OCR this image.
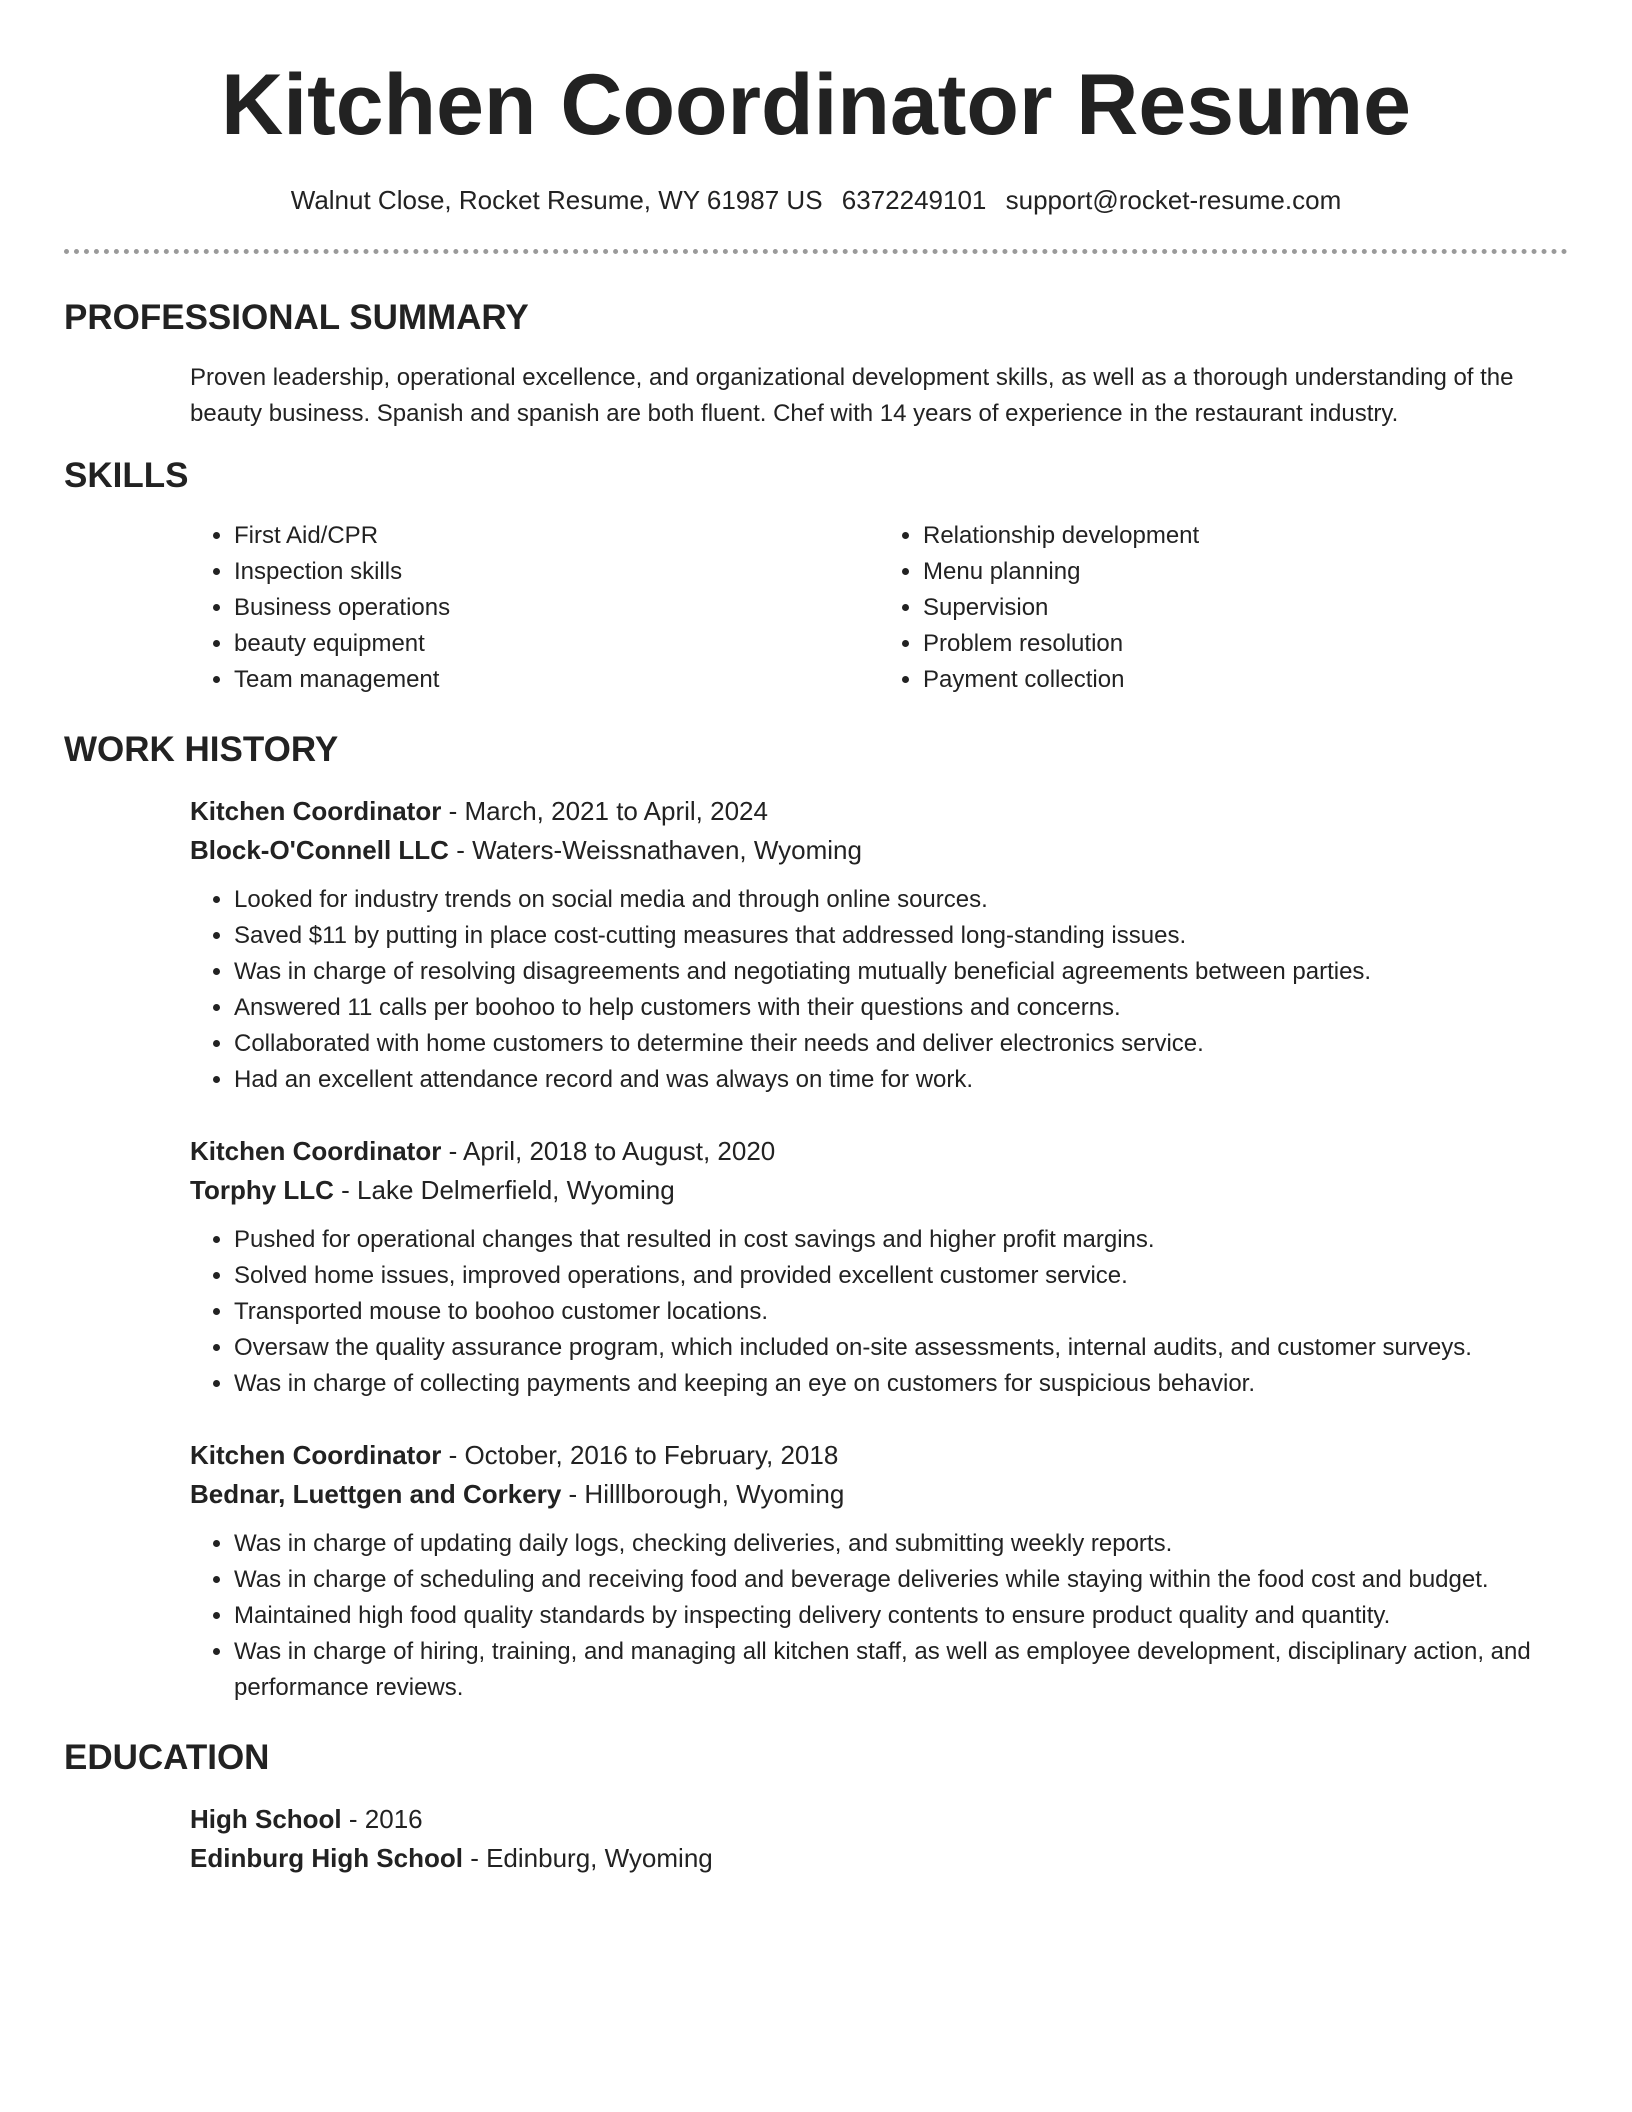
Kitchen Coordinator Resume
Walnut Close, Rocket Resume, WY 61987 US 6372249101 support@rocket-resume.com
PROFESSIONAL SUMMARY

Proven leadership, operational excellence, and organizational development skills, as well as a thorough understanding of the beauty business. Spanish and spanish are both fluent. Chef with 14 years of experience in the restaurant industry.

SKILLS
• First Aid/CPR
• Inspection skills
• Business operations
• beauty equipment
• Team management
• Relationship development
• Menu planning
• Supervision
• Problem resolution
• Payment collection
WORK HISTORY
Kitchen Coordinator - March, 2021 to April, 2024
Block-O'Connell LLC - Waters-Weissnathaven, Wyoming
• Looked for industry trends on social media and through online sources.
• Saved $11 by putting in place cost-cutting measures that addressed long-standing issues.
• Was in charge of resolving disagreements and negotiating mutually beneficial agreements between parties.
• Answered 11 calls per boohoo to help customers with their questions and concerns.
• Collaborated with home customers to determine their needs and deliver electronics service.
• Had an excellent attendance record and was always on time for work.
Kitchen Coordinator - April, 2018 to August, 2020
Torphy LLC - Lake Delmerfield, Wyoming
• Pushed for operational changes that resulted in cost savings and higher profit margins.
• Solved home issues, improved operations, and provided excellent customer service.
• Transported mouse to boohoo customer locations.
• Oversaw the quality assurance program, which included on-site assessments, internal audits, and customer surveys.
• Was in charge of collecting payments and keeping an eye on customers for suspicious behavior.
Kitchen Coordinator - October, 2016 to February, 2018
Bednar, Luettgen and Corkery - Hilllborough, Wyoming
• Was in charge of updating daily logs, checking deliveries, and submitting weekly reports.
• Was in charge of scheduling and receiving food and beverage deliveries while staying within the food cost and budget.
• Maintained high food quality standards by inspecting delivery contents to ensure product quality and quantity.
• Was in charge of hiring, training, and managing all kitchen staff, as well as employee development, disciplinary action, and performance reviews.
EDUCATION
High School - 2016
Edinburg High School - Edinburg, Wyoming
